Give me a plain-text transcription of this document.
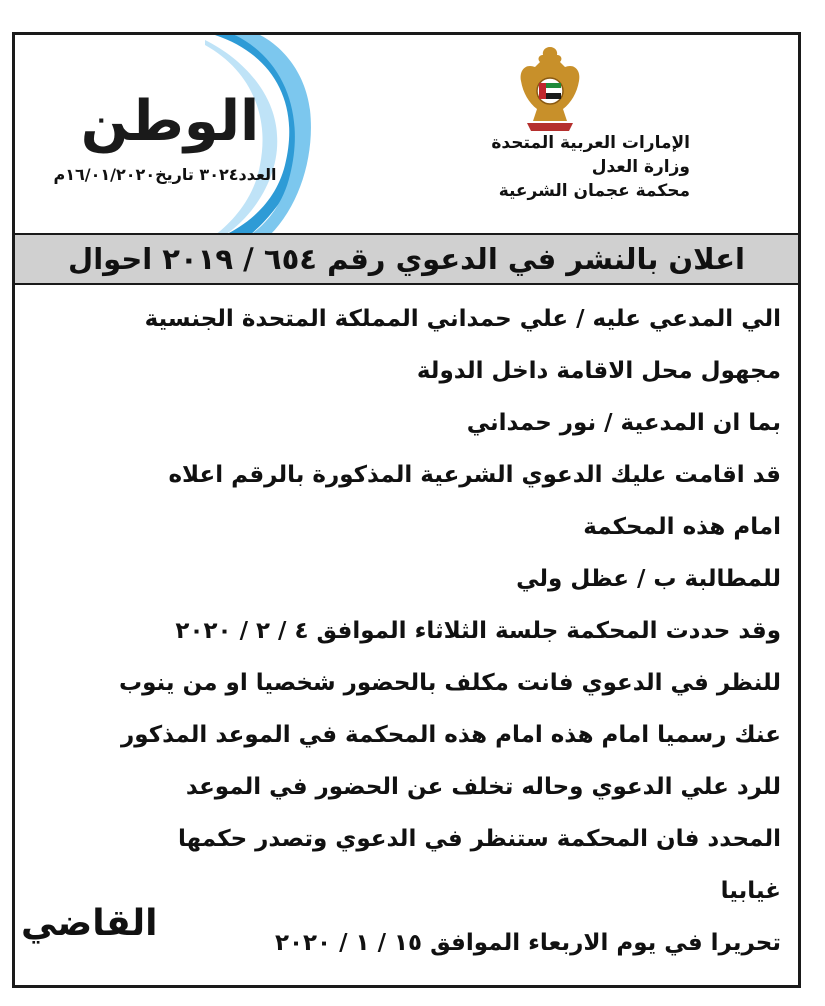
الإمارات العربية المتحدة
وزارة العدل
محكمة عجمان الشرعية
الوطن
العدد٣٠٢٤ تاريخ١٦/٠١/٢٠٢٠م
اعلان بالنشر في الدعوي رقم ٦٥٤ / ٢٠١٩ احوال
الي المدعي عليه / علي حمداني المملكة المتحدة الجنسية
مجهول محل الاقامة داخل الدولة
بما ان المدعية / نور حمداني
قد اقامت عليك الدعوي الشرعية المذكورة بالرقم اعلاه
امام هذه المحكمة
للمطالبة ب / عظل ولي
وقد حددت المحكمة جلسة الثلاثاء الموافق ٤ / ٢ / ٢٠٢٠
للنظر في الدعوي فانت مكلف بالحضور شخصيا او من ينوب
عنك رسميا امام هذه امام هذه المحكمة في الموعد المذكور
للرد علي الدعوي وحاله تخلف عن الحضور في الموعد
المحدد فان المحكمة ستنظر في الدعوي وتصدر حكمها
غيابيا
تحريرا في يوم الاربعاء الموافق ١٥ / ١ / ٢٠٢٠
القاضي
